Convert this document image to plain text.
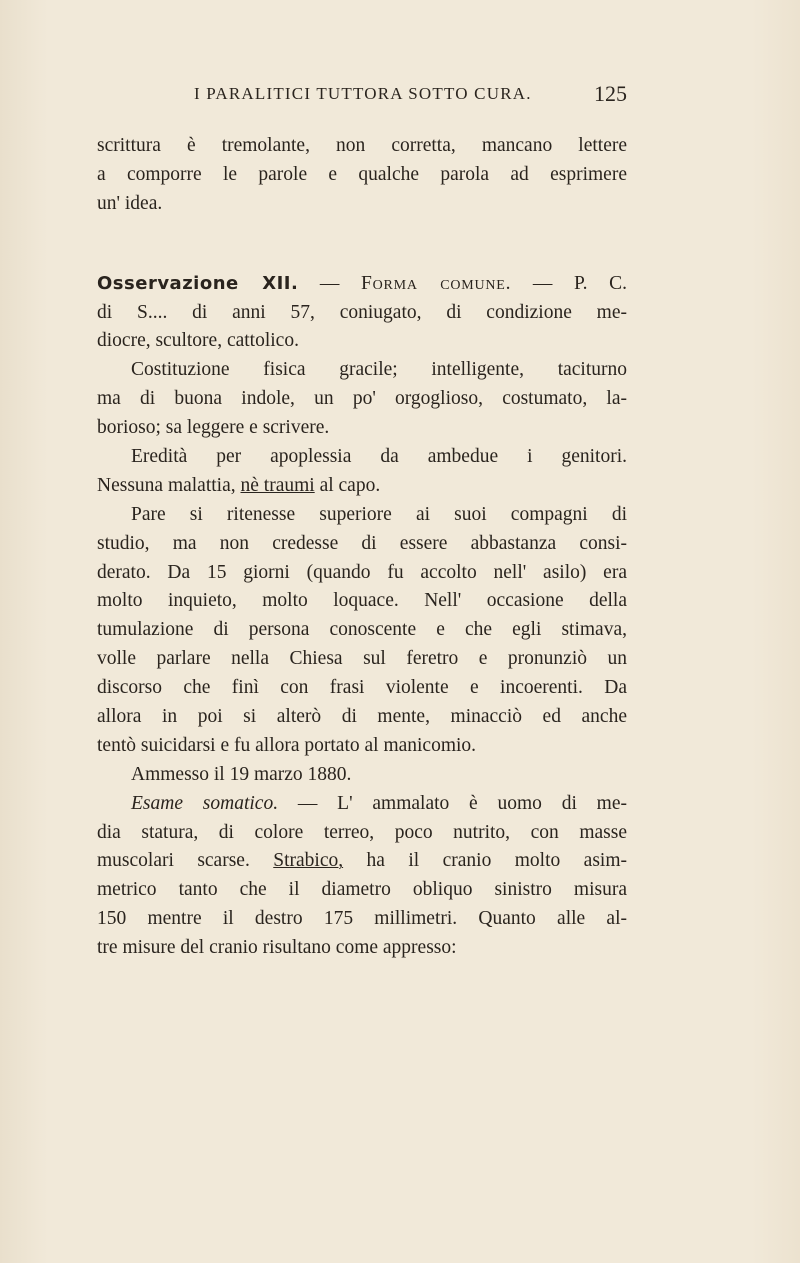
I PARALITICI TUTTORA SOTTO CURA.	125
scrittura è tremolante, non corretta, mancano lettere
a comporre le parole e qualche parola ad esprimere
un' idea.
Osservazione XII. — Forma comune. — P. C.
di S.... di anni 57, coniugato, di condizione me-
diocre, scultore, cattolico.
Costituzione fisica gracile; intelligente, taciturno
ma di buona indole, un po' orgoglioso, costumato, la-
borioso; sa leggere e scrivere.
Eredità per apoplessia da ambedue i genitori.
Nessuna malattia, nè traumi al capo.
Pare si ritenesse superiore ai suoi compagni di
studio, ma non credesse di essere abbastanza consi-
derato. Da 15 giorni (quando fu accolto nell' asilo) era
molto inquieto, molto loquace. Nell' occasione della
tumulazione di persona conoscente e che egli stimava,
volle parlare nella Chiesa sul feretro e pronunziò un
discorso che finì con frasi violente e incoerenti. Da
allora in poi si alterò di mente, minacciò ed anche
tentò suicidarsi e fu allora portato al manicomio.
Ammesso il 19 marzo 1880.
Esame somatico. — L' ammalato è uomo di me-
dia statura, di colore terreo, poco nutrito, con masse
muscolari scarse. Strabico, ha il cranio molto asim-
metrico tanto che il diametro obliquo sinistro misura
150 mentre il destro 175 millimetri. Quanto alle al-
tre misure del cranio risultano come appresso:
